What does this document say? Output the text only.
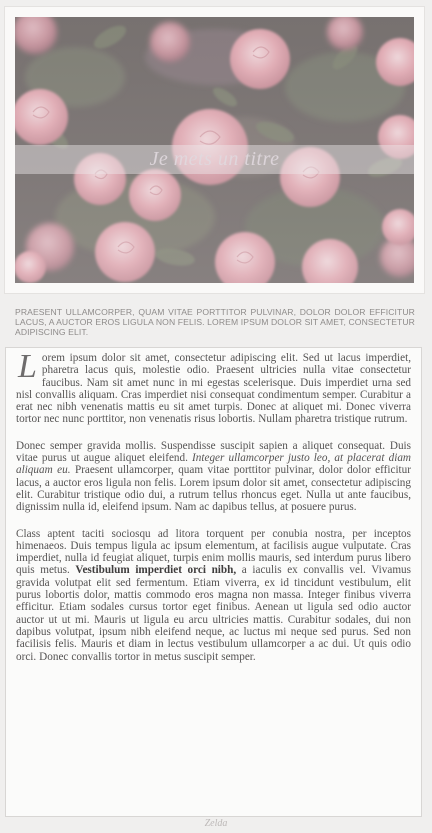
Je mets un titre
PRAESENT ULLAMCORPER, QUAM VITAE PORTTITOR PULVINAR, DOLOR DOLOR EFFICITUR LACUS, A AUCTOR EROS LIGULA NON FELIS. LOREM IPSUM DOLOR SIT AMET, CONSECTETUR ADIPISCING ELIT.

Lorem ipsum dolor sit amet, consectetur adipiscing elit. Sed ut lacus imperdiet, pharetra lacus quis, molestie odio. Praesent ultricies nulla vitae consectetur faucibus. Nam sit amet nunc in mi egestas scelerisque. Duis imperdiet urna sed nisl convallis aliquam. Cras imperdiet nisi consequat condimentum semper. Curabitur a erat nec nibh venenatis mattis eu sit amet turpis. Donec at aliquet mi. Donec viverra tortor nec nunc porttitor, non venenatis risus lobortis. Nullam pharetra tristique rutrum.

Donec semper gravida mollis. Suspendisse suscipit sapien a aliquet consequat. Duis vitae purus ut augue aliquet eleifend. Integer ullamcorper justo leo, at placerat diam aliquam eu. Praesent ullamcorper, quam vitae porttitor pulvinar, dolor dolor efficitur lacus, a auctor eros ligula non felis. Lorem ipsum dolor sit amet, consectetur adipiscing elit. Curabitur tristique odio dui, a rutrum tellus rhoncus eget. Nulla ut ante faucibus, dignissim nulla id, eleifend ipsum. Nam ac dapibus tellus, at posuere purus.

Class aptent taciti sociosqu ad litora torquent per conubia nostra, per inceptos himenaeos. Duis tempus ligula ac ipsum elementum, at facilisis augue vulputate. Cras imperdiet, nulla id feugiat aliquet, turpis enim mollis mauris, sed interdum purus libero quis metus. Vestibulum imperdiet orci nibh, a iaculis ex convallis vel. Vivamus gravida volutpat elit sed fermentum. Etiam viverra, ex id tincidunt vestibulum, elit purus lobortis dolor, mattis commodo eros magna non massa. Integer finibus viverra efficitur. Etiam sodales cursus tortor eget finibus. Aenean ut ligula sed odio auctor auctor ut ut mi. Mauris ut ligula eu arcu ultricies mattis. Curabitur sodales, dui non dapibus volutpat, ipsum nibh eleifend neque, ac luctus mi neque sed purus. Sed non facilisis felis. Mauris et diam in lectus vestibulum ullamcorper a ac dui. Ut quis odio orci. Donec convallis tortor in metus suscipit semper.

Zelda
